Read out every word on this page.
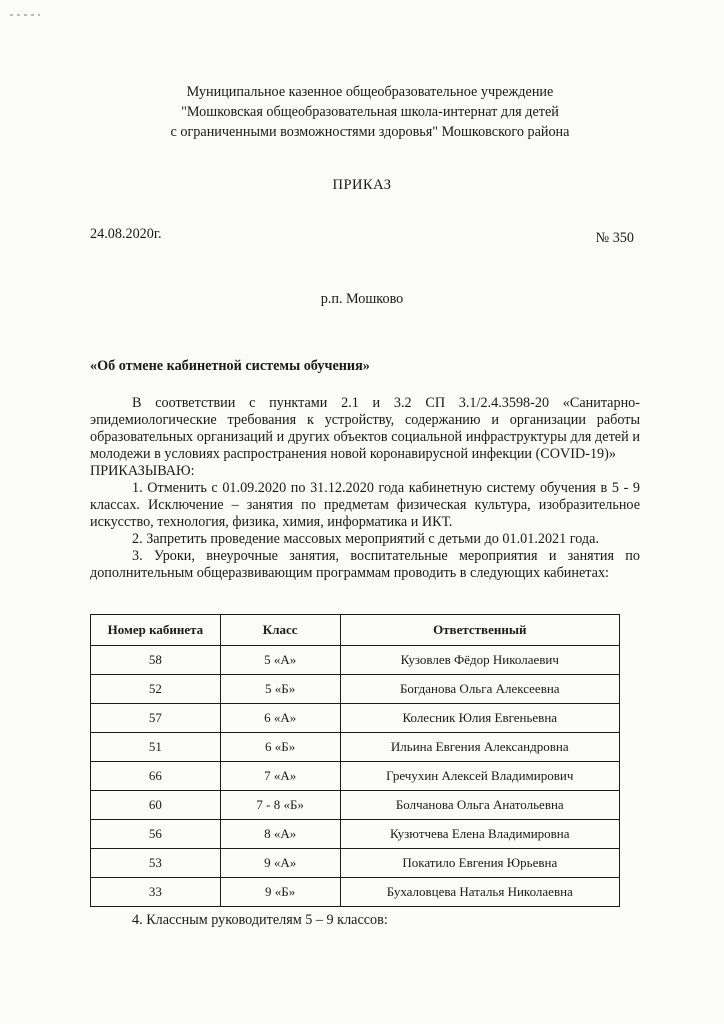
Муниципальное казенное общеобразовательное учреждение
"Мошковская общеобразовательная школа-интернат для детей
с ограниченными возможностями здоровья" Мошковского района
ПРИКАЗ
24.08.2020г.	№ 350
р.п. Мошково
«Об отмене кабинетной системы обучения»

В соответствии с пунктами 2.1 и 3.2 СП 3.1/2.4.3598-20 «Санитарно-эпидемиологические требования к устройству, содержанию и организации работы образовательных организаций и других объектов социальной инфраструктуры для детей и молодежи в условиях распространения новой коронавирусной инфекции (COVID-19)»

ПРИКАЗЫВАЮ:

1. Отменить с 01.09.2020 по 31.12.2020 года кабинетную систему обучения в 5 - 9 классах. Исключение – занятия по предметам физическая культура, изобразительное искусство, технология, физика, химия, информатика и ИКТ.

2. Запретить проведение массовых мероприятий с детьми до 01.01.2021 года.

3. Уроки, внеурочные занятия, воспитательные мероприятия и занятия по дополнительным общеразвивающим программам проводить в следующих кабинетах:

Номер кабинета	Класс	Ответственный
58	5 «А»	Кузовлев Фёдор Николаевич
52	5 «Б»	Богданова Ольга Алексеевна
57	6 «А»	Колесник Юлия Евгеньевна
51	6 «Б»	Ильина Евгения Александровна
66	7 «А»	Гречухин Алексей Владимирович
60	7 - 8 «Б»	Болчанова Ольга Анатольевна
56	8 «А»	Кузютчева Елена Владимировна
53	9 «А»	Покатило Евгения Юрьевна
33	9 «Б»	Бухаловцева Наталья Николаевна
4. Классным руководителям 5 – 9 классов:
